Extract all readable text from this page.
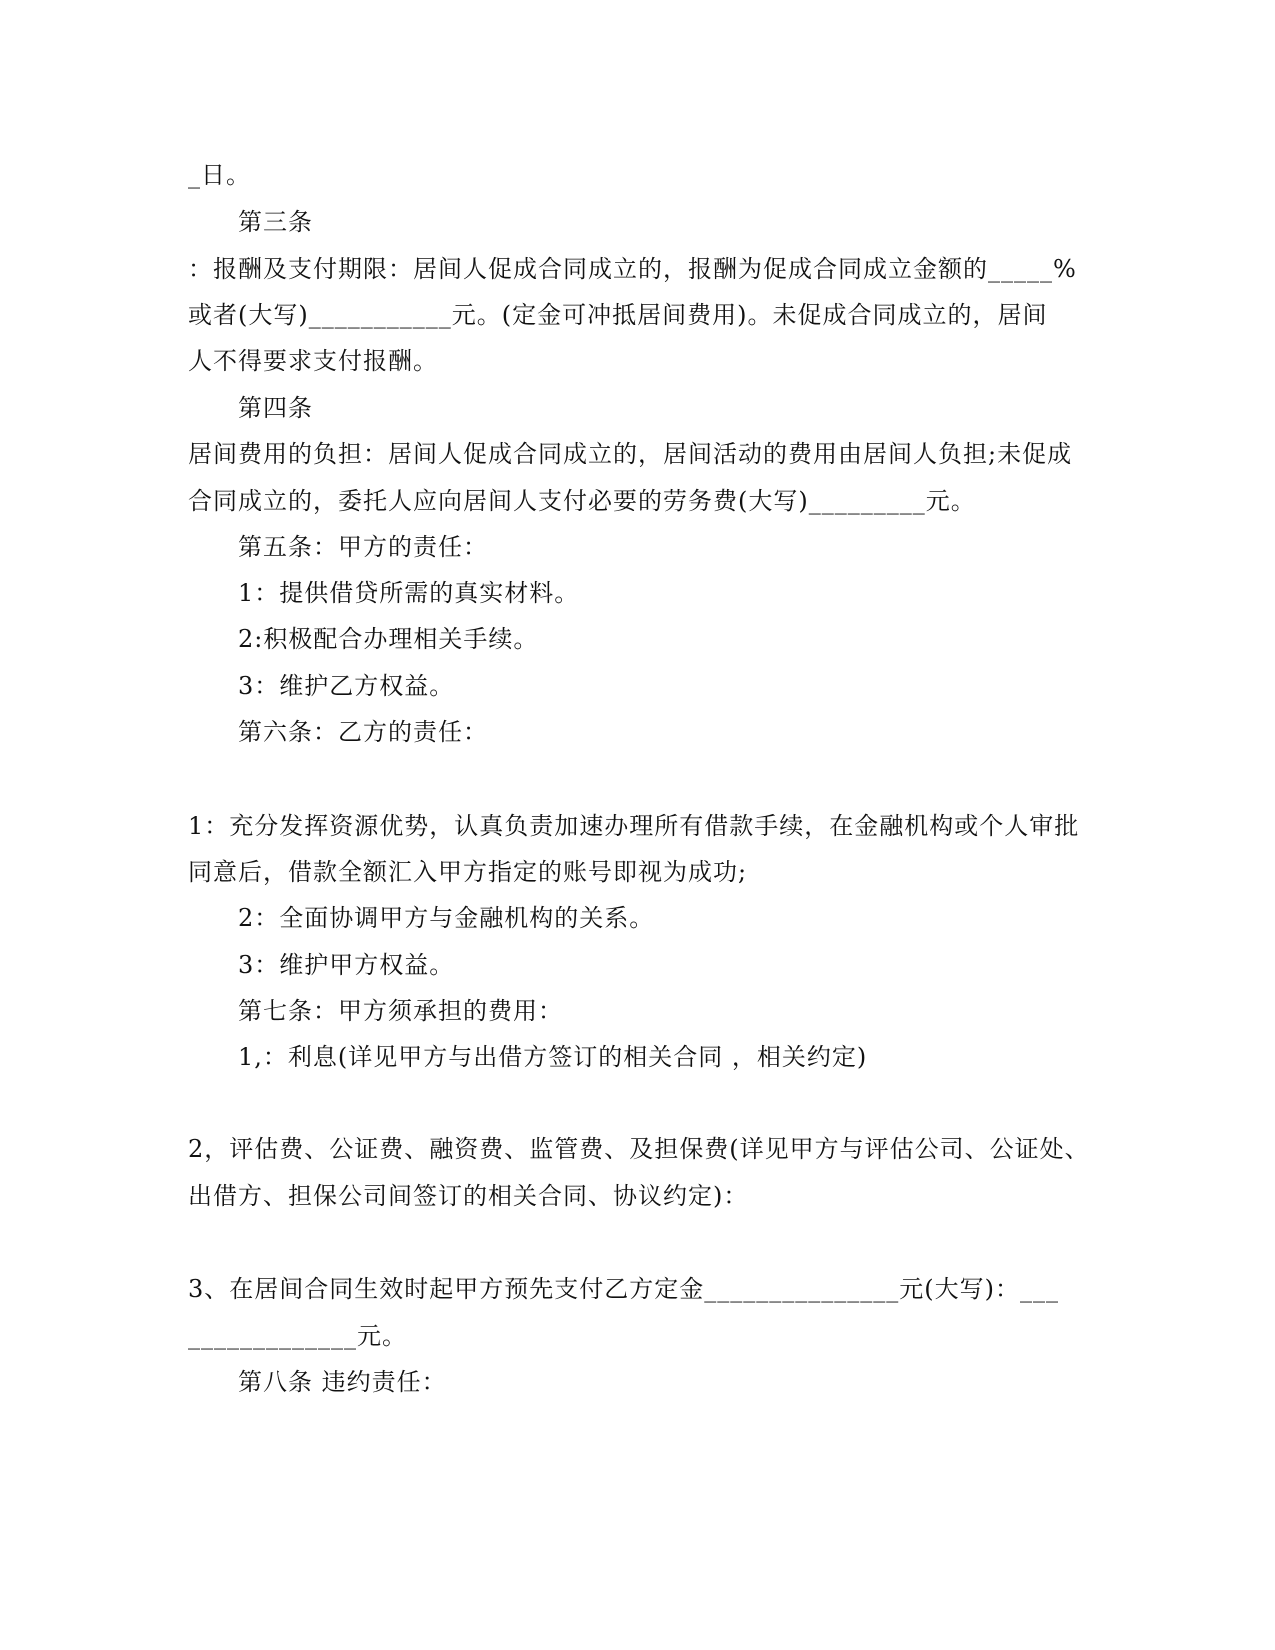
_日。
第三条
：报酬及支付期限：居间人促成合同成立的，报酬为促成合同成立金额的_____%
或者(大写)___________元。(定金可冲抵居间费用)。未促成合同成立的，居间
人不得要求支付报酬。
第四条
居间费用的负担：居间人促成合同成立的，居间活动的费用由居间人负担;未促成
合同成立的，委托人应向居间人支付必要的劳务费(大写)_________元。
第五条：甲方的责任：
1：提供借贷所需的真实材料。
2:积极配合办理相关手续。
3：维护乙方权益。
第六条：乙方的责任：
1：充分发挥资源优势，认真负责加速办理所有借款手续，在金融机构或个人审批
同意后，借款全额汇入甲方指定的账号即视为成功;
2：全面协调甲方与金融机构的关系。
3：维护甲方权益。
第七条：甲方须承担的费用：
1,：利息(详见甲方与出借方签订的相关合同 ，相关约定)
2，评估费、公证费、融资费、监管费、及担保费(详见甲方与评估公司、公证处、
出借方、担保公司间签订的相关合同、协议约定)：
3、在居间合同生效时起甲方预先支付乙方定金_______________元(大写)：___
_____________元。
第八条 违约责任：
